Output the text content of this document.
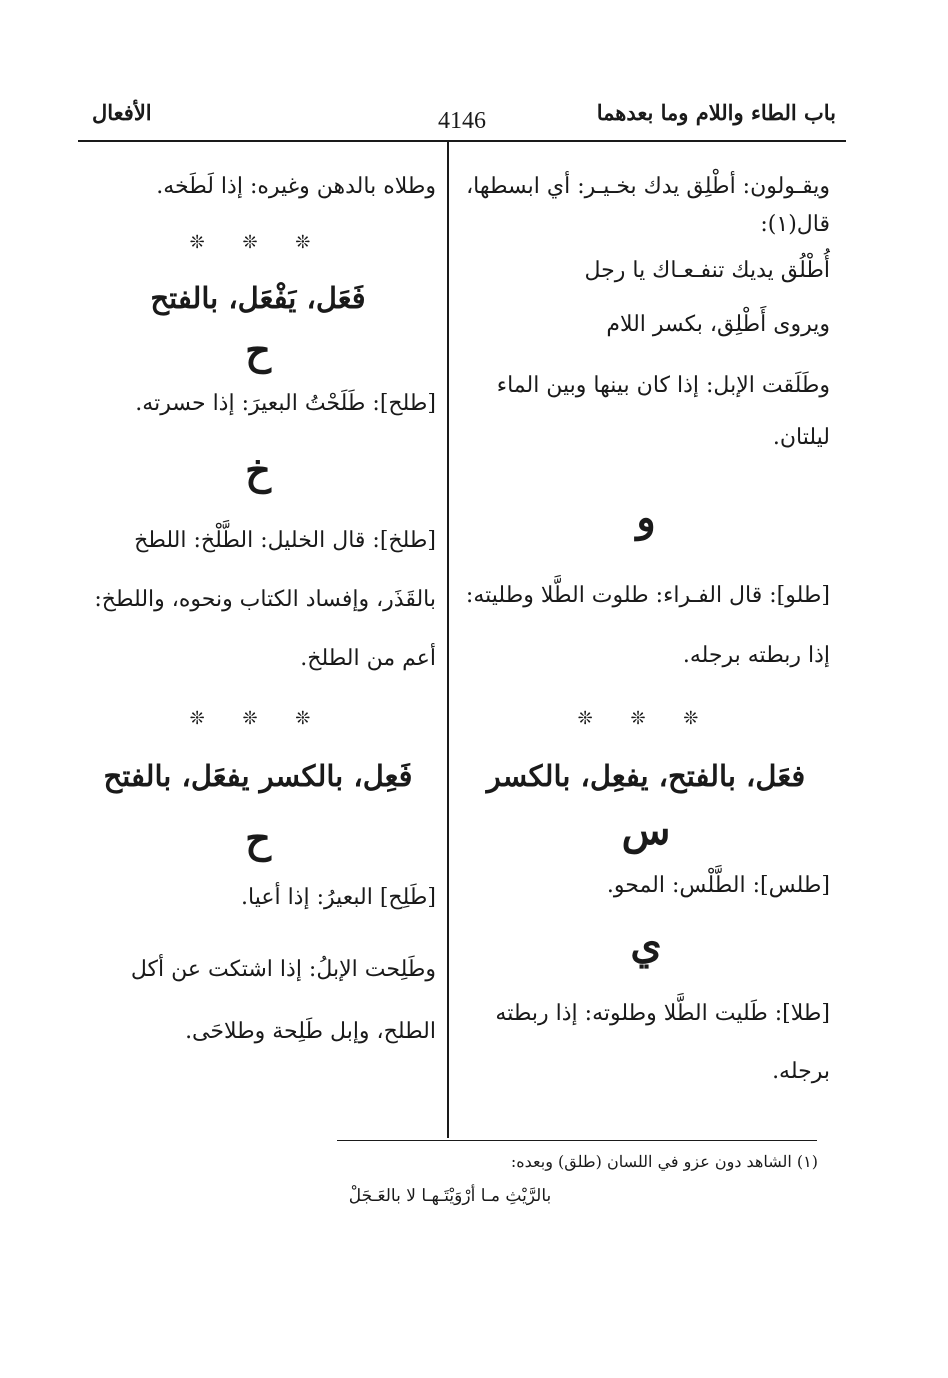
باب الطاء واللام وما بعدهما
4146
الأفعال

ويقـولون: أطْلِق يدك بخـيـر: أي ابسطها، قال(١):

أُطْلُق يديك تنفـعـاك يا رجل

ويروى أَطْلِق، بكسر اللام

وطَلَقت الإبل: إذا كان بينها وبين الماء ليلتان.

و

[طلو]: قال الفـراء: طلوت الطَّلا وطليته: إذا ربطته برجله.

❊ ❊ ❊

فعَل، بالفتح، يفعِل، بالكسر

س

[طلس]: الطَّلْس: المحو.

ي

[طلا]: طَليت الطَّلا وطلوته: إذا ربطته برجله.

وطلاه بالدهن وغيره: إذا لَطَخه.

❊ ❊ ❊

فَعَل، يَفْعَل، بالفتح

ح

[طلح]: طَلَحْتُ البعيرَ: إذا حسرته.

خ

[طلخ]: قال الخليل: الطَّلْخ: اللطخ بالقَذَر، وإفساد الكتاب ونحوه، واللطخ: أعم من الطلخ.

❊ ❊ ❊

فَعِل، بالكسر يفعَل، بالفتح

ح

[طَلِح] البعيرُ: إذا أعيا.

وطَلِحت الإبلُ: إذا اشتكت عن أكل الطلح، وإبل طَلِحة وطلاحَى.

(١) الشاهد دون عزو في اللسان (طلق) وبعده:
بالرَّيْثِ مـا أرْوَيْتَـهـا لا بالعَـجَلْ
